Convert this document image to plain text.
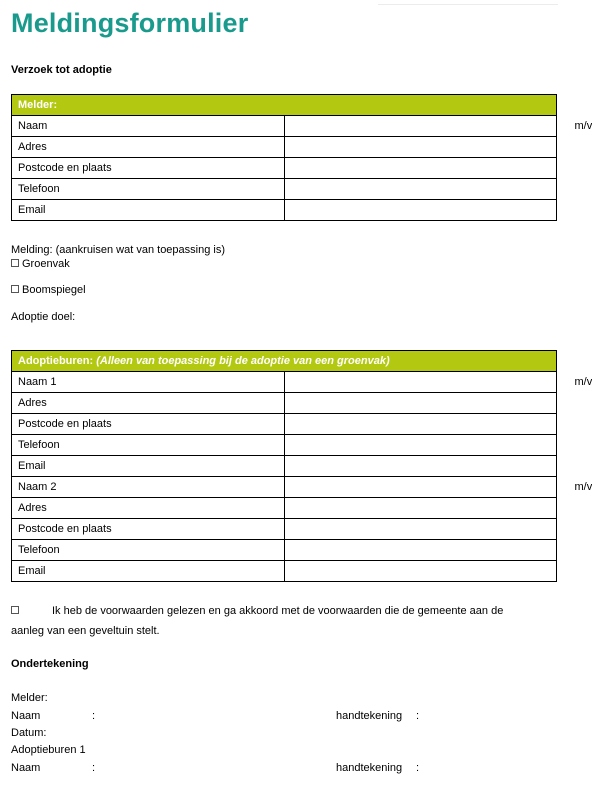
Meldingsformulier
Verzoek tot adoptie
Melder:	
Naam	m/v

Adres	
Postcode en plaats	
Telefoon	
Email	
Melding: (aankruisen wat van toepassing is)
Groenvak
Boomspiegel
Adoptie doel:
Adoptieburen: (Alleen van toepassing bij de adoptie van een groenvak)	
Naam 1	m/v

Adres	
Postcode en plaats	
Telefoon	
Email	
Naam 2	m/v

Adres	
Postcode en plaats	
Telefoon	
Email	
Ik heb de voorwaarden gelezen en ga akkoord met de voorwaarden die de gemeente aan de
aanleg van een geveltuin stelt.
Ondertekening
Melder:
Naam	:	handtekening :
Datum:
Adoptieburen 1
Naam	:	handtekening :
